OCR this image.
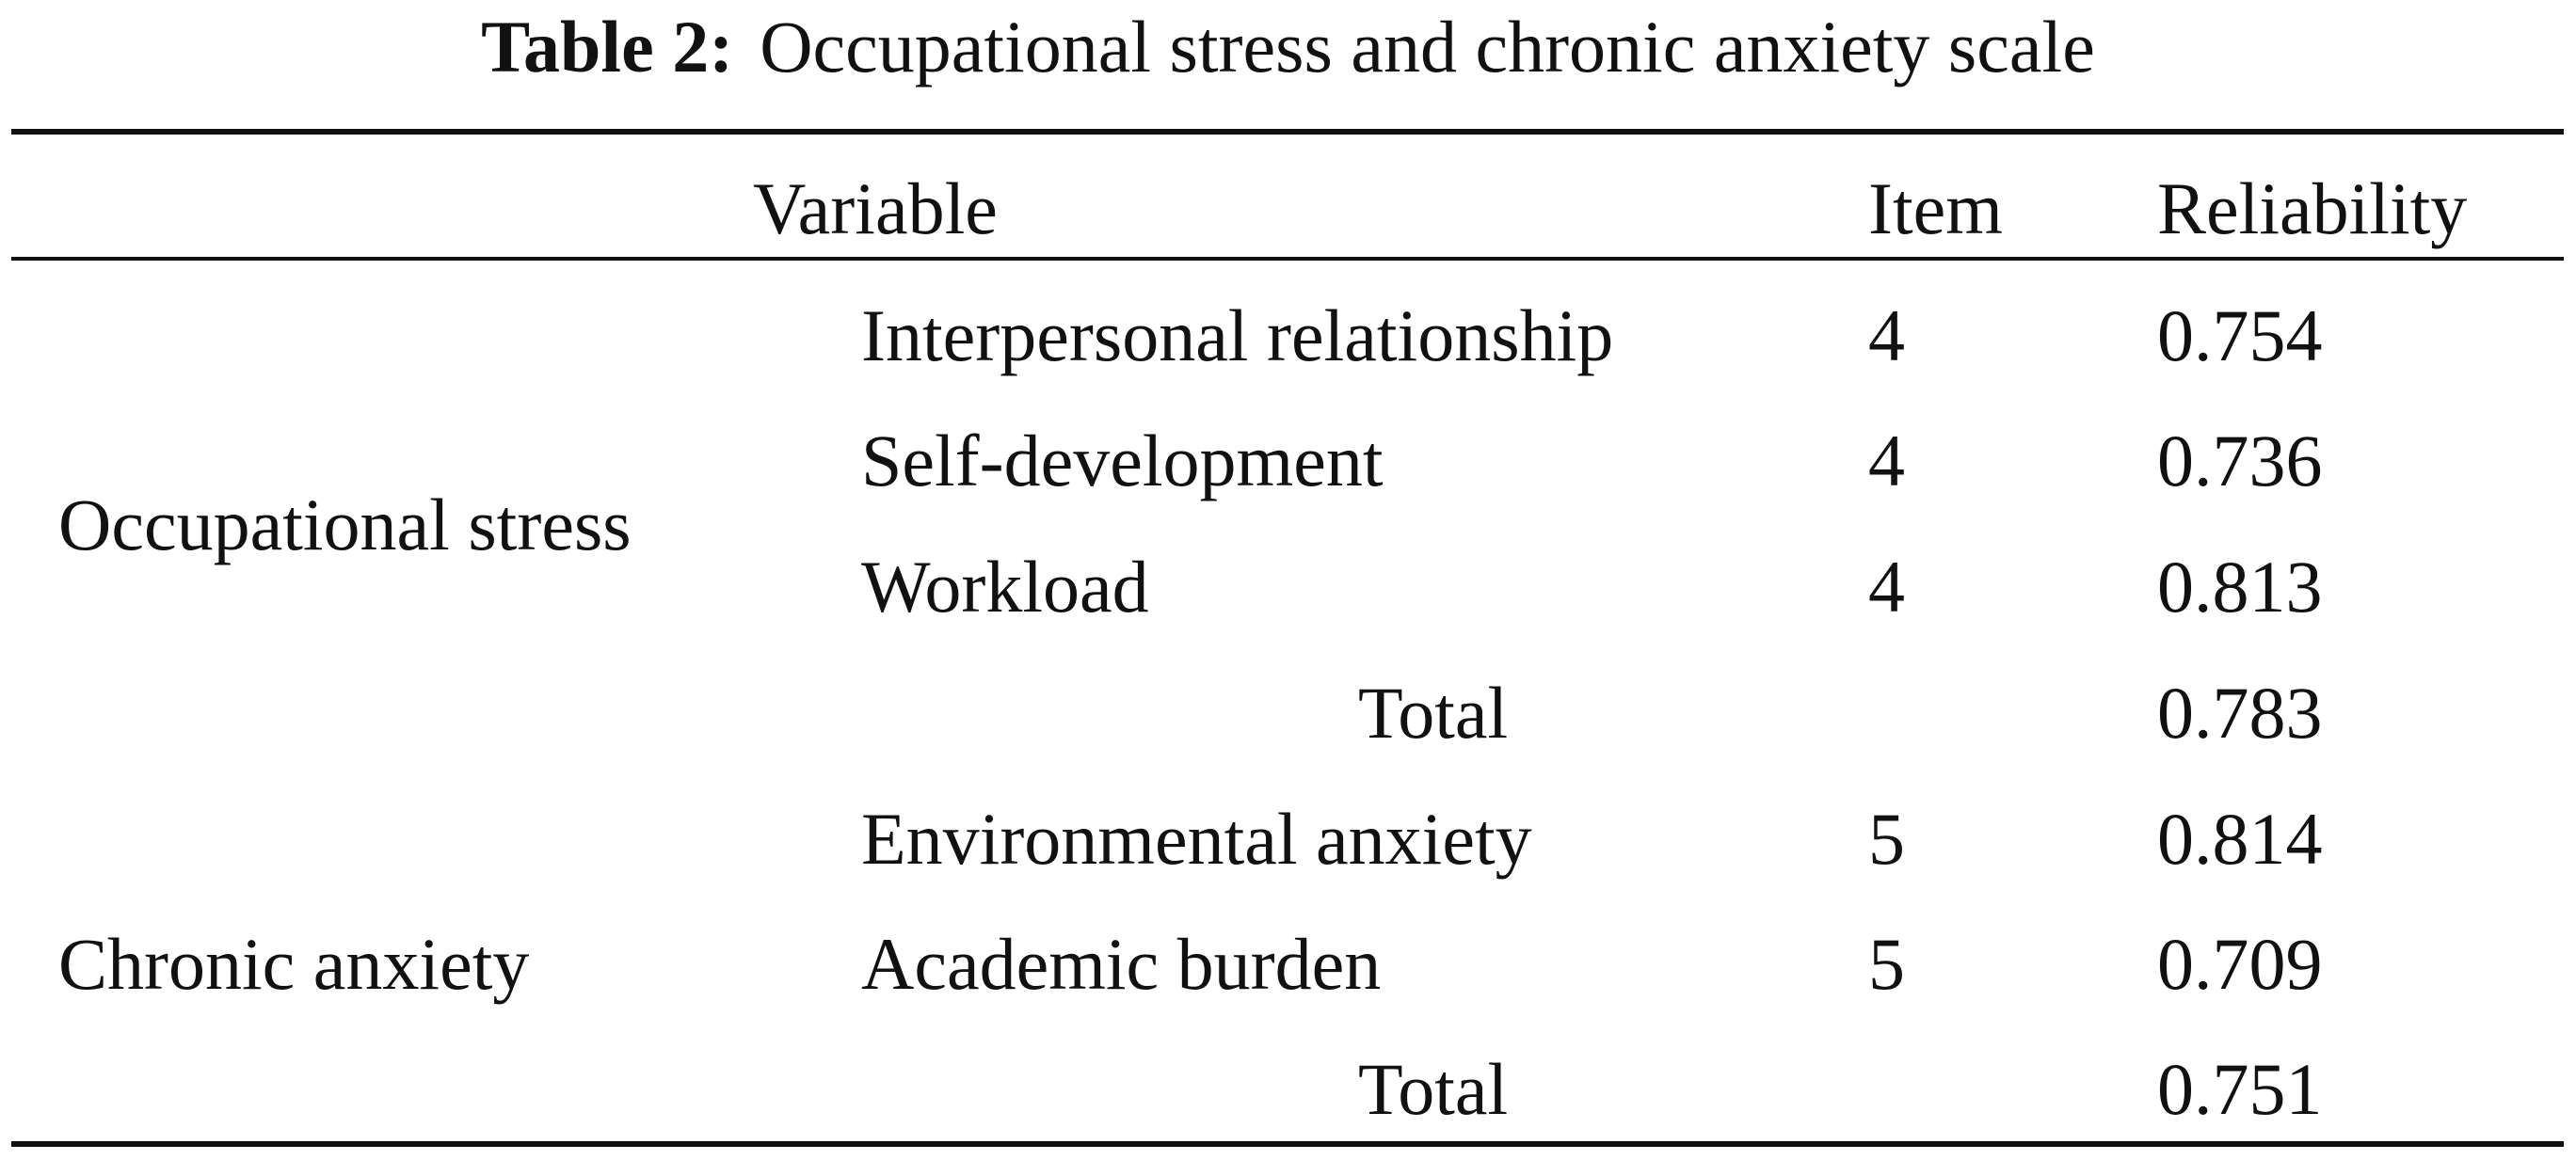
Table 2: Occupational stress and chronic anxiety scale
Variable	Item Reliability
Occupational stress
Interpersonal relationship	4	0.754
Self-development	4	0.736
Workload	4	0.813
Total	0.783
Chronic anxiety
Environmental anxiety	5	0.814
Academic burden	5	0.709
Total	0.751
